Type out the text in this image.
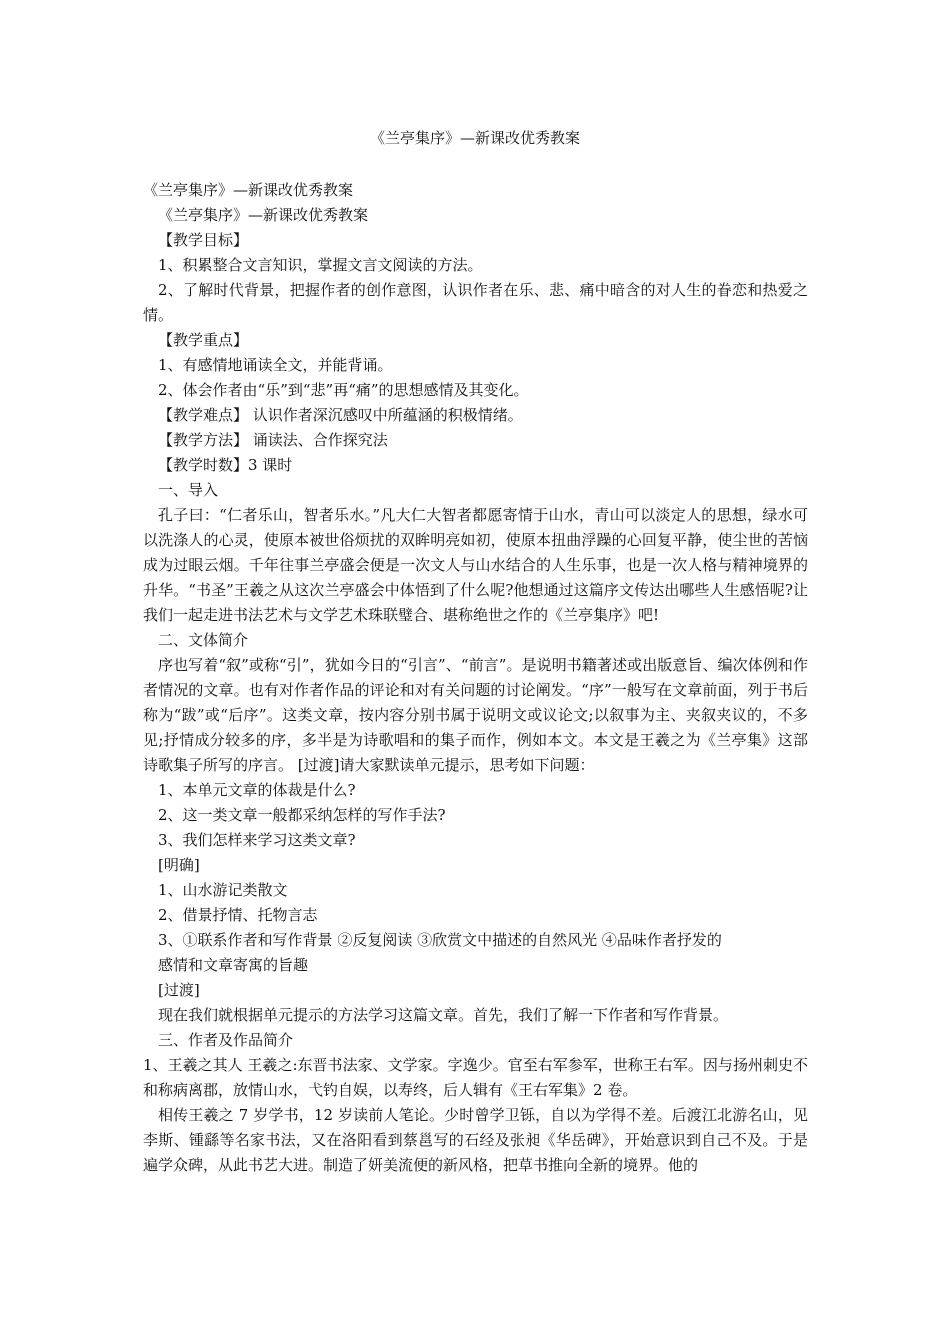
《兰亭集序》—新课改优秀教案

《兰亭集序》—新课改优秀教案

《兰亭集序》—新课改优秀教案

【教学目标】

1、积累整合文言知识，掌握文言文阅读的方法。

2、了解时代背景，把握作者的创作意图，认识作者在乐、悲、痛中暗含的对人生的眷恋和热爱之情。

【教学重点】

1、有感情地诵读全文，并能背诵。

2、体会作者由“乐”到“悲”再“痛”的思想感情及其变化。

【教学难点】 认识作者深沉感叹中所蕴涵的积极情绪。

【教学方法】 诵读法、合作探究法

【教学时数】3 课时

一、导入

孔子曰：“仁者乐山，智者乐水。”凡大仁大智者都愿寄情于山水，青山可以淡定人的思想，绿水可以洗涤人的心灵，使原本被世俗烦扰的双眸明亮如初，使原本扭曲浮躁的心回复平静，使尘世的苦恼成为过眼云烟。千年往事兰亭盛会便是一次文人与山水结合的人生乐事，也是一次人格与精神境界的升华。“书圣”王羲之从这次兰亭盛会中体悟到了什么呢?他想通过这篇序文传达出哪些人生感悟呢?让我们一起走进书法艺术与文学艺术珠联璧合、堪称绝世之作的《兰亭集序》吧!

二、文体简介

序也写着“叙”或称“引”，犹如今日的“引言”、“前言”。是说明书籍著述或出版意旨、编次体例和作者情况的文章。也有对作者作品的评论和对有关问题的讨论阐发。“序”一般写在文章前面，列于书后称为“跋”或“后序”。这类文章，按内容分别书属于说明文或议论文;以叙事为主、夹叙夹议的，不多见;抒情成分较多的序，多半是为诗歌唱和的集子而作，例如本文。本文是王羲之为《兰亭集》这部诗歌集子所写的序言。 [过渡]请大家默读单元提示，思考如下问题：

1、本单元文章的体裁是什么?

2、这一类文章一般都采纳怎样的写作手法?

3、我们怎样来学习这类文章?

[明确]

1、山水游记类散文

2、借景抒情、托物言志

3、①联系作者和写作背景 ②反复阅读 ③欣赏文中描述的自然风光 ④品味作者抒发的

感情和文章寄寓的旨趣

[过渡]

现在我们就根据单元提示的方法学习这篇文章。首先，我们了解一下作者和写作背景。

三、作者及作品简介

1、王羲之其人 王羲之:东晋书法家、文学家。字逸少。官至右军参军，世称王右军。因与扬州刺史不和称病离郡，放情山水，弋钓自娱，以寿终，后人辑有《王右军集》2 卷。

相传王羲之 7 岁学书，12 岁读前人笔论。少时曾学卫铄，自以为学得不差。后渡江北游名山，见李斯、锺繇等名家书法，又在洛阳看到蔡邕写的石经及张昶《华岳碑》，开始意识到自己不及。于是遍学众碑，从此书艺大进。制造了妍美流便的新风格，把草书推向全新的境界。他的
